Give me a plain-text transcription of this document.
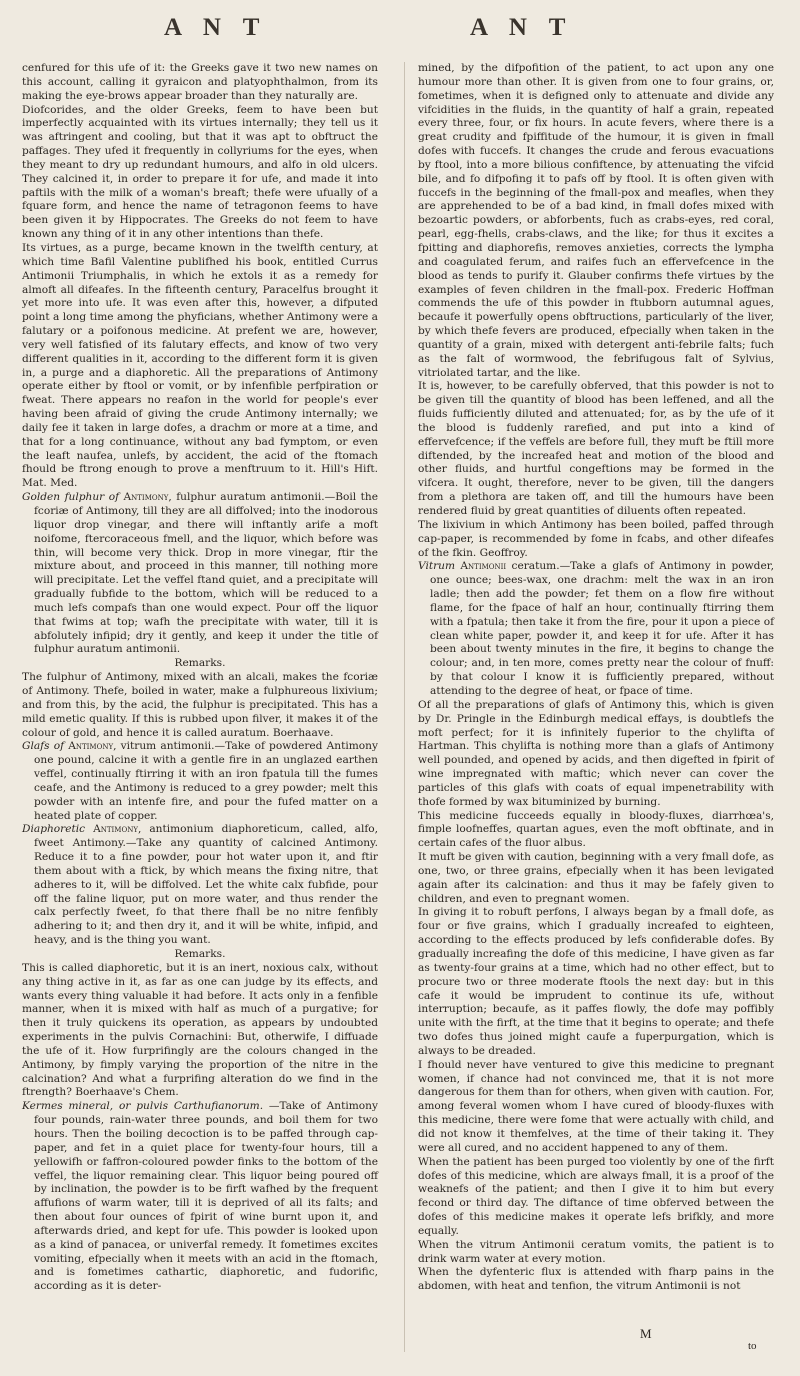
A N T	A N T

cenfured for this ufe of it: the Greeks gave it two new names on this account, calling it gyraicon and platyophthalmon, from its making the eye-brows appear broader than they naturally are.

Diofcorides, and the older Greeks, feem to have been but imperfectly acquainted with its virtues internally; they tell us it was aftringent and cooling, but that it was apt to obftruct the paffages. They ufed it frequently in collyriums for the eyes, when they meant to dry up redundant humours, and alfo in old ulcers. They calcined it, in order to prepare it for ufe, and made it into paftils with the milk of a woman's breaft; thefe were ufually of a fquare form, and hence the name of tetragonon feems to have been given it by Hippocrates. The Greeks do not feem to have known any thing of it in any other intentions than thefe.

Its virtues, as a purge, became known in the twelfth century, at which time Bafil Valentine publifhed his book, entitled Currus Antimonii Triumphalis, in which he extols it as a remedy for almoft all difeafes. In the fifteenth century, Paracelfus brought it yet more into ufe. It was even after this, however, a difputed point a long time among the phyficians, whether Antimony were a falutary or a poifonous medicine. At prefent we are, however, very well fatisfied of its falutary effects, and know of two very different qualities in it, according to the different form it is given in, a purge and a diaphoretic. All the preparations of Antimony operate either by ftool or vomit, or by infenfible perfpiration or fweat. There appears no reafon in the world for people's ever having been afraid of giving the crude Antimony internally; we daily fee it taken in large dofes, a drachm or more at a time, and that for a long continuance, without any bad fymptom, or even the leaft naufea, unlefs, by accident, the acid of the ftomach fhould be ftrong enough to prove a menftruum to it. Hill's Hift. Mat. Med.

Golden fulphur of Antimony, fulphur auratum antimonii.—Boil the fcoriæ of Antimony, till they are all diffolved; into the inodorous liquor drop vinegar, and there will inftantly arife a moft noifome, ftercoraceous fmell, and the liquor, which before was thin, will become very thick. Drop in more vinegar, ftir the mixture about, and proceed in this manner, till nothing more will precipitate. Let the veffel ftand quiet, and a precipitate will gradually fubfide to the bottom, which will be reduced to a much lefs compafs than one would expect. Pour off the liquor that fwims at top; wafh the precipitate with water, till it is abfolutely infipid; dry it gently, and keep it under the title of fulphur auratum antimonii.

Remarks.

The fulphur of Antimony, mixed with an alcali, makes the fcoriæ of Antimony. Thefe, boiled in water, make a fulphureous lixivium; and from this, by the acid, the fulphur is precipitated. This has a mild emetic quality. If this is rubbed upon filver, it makes it of the colour of gold, and hence it is called auratum. Boerhaave.

Glafs of Antimony, vitrum antimonii.—Take of powdered Antimony one pound, calcine it with a gentle fire in an unglazed earthen veffel, continually ftirring it with an iron fpatula till the fumes ceafe, and the Antimony is reduced to a grey powder; melt this powder with an intenfe fire, and pour the fufed matter on a heated plate of copper.

Diaphoretic Antimony, antimonium diaphoreticum, called, alfo, fweet Antimony.—Take any quantity of calcined Antimony. Reduce it to a fine powder, pour hot water upon it, and ftir them about with a ftick, by which means the fixing nitre, that adheres to it, will be diffolved. Let the white calx fubfide, pour off the faline liquor, put on more water, and thus render the calx perfectly fweet, fo that there fhall be no nitre fenfibly adhering to it; and then dry it, and it will be white, infipid, and heavy, and is the thing you want.

Remarks.

This is called diaphoretic, but it is an inert, noxious calx, without any thing active in it, as far as one can judge by its effects, and wants every thing valuable it had before. It acts only in a fenfible manner, when it is mixed with half as much of a purgative; for then it truly quickens its operation, as appears by undoubted experiments in the pulvis Cornachini: But, otherwife, I diffuade the ufe of it. How furprifingly are the colours changed in the Antimony, by fimply varying the proportion of the nitre in the calcination? And what a furprifing alteration do we find in the ftrength? Boerhaave's Chem.

Kermes mineral, or pulvis Carthufianorum. —Take of Antimony four pounds, rain-water three pounds, and boil them for two hours. Then the boiling decoction is to be paffed through cap-paper, and fet in a quiet place for twenty-four hours, till a yellowifh or faffron-coloured powder finks to the bottom of the veffel, the liquor remaining clear. This liquor being poured off by inclination, the powder is to be firft wafhed by the frequent affufions of warm water, till it is deprived of all its falts; and then about four ounces of fpirit of wine burnt upon it, and afterwards dried, and kept for ufe. This powder is looked upon as a kind of panacea, or univerfal remedy. It fometimes excites vomiting, efpecially when it meets with an acid in the ftomach, and is fometimes cathartic, diaphoretic, and fudorific, according as it is deter-

mined, by the difpofition of the patient, to act upon any one humour more than other. It is given from one to four grains, or, fometimes, when it is defigned only to attenuate and divide any vifcidities in the fluids, in the quantity of half a grain, repeated every three, four, or fix hours. In acute fevers, where there is a great crudity and fpiffitude of the humour, it is given in fmall dofes with fuccefs. It changes the crude and ferous evacuations by ftool, into a more bilious confiftence, by attenuating the vifcid bile, and fo difpofing it to pafs off by ftool. It is often given with fuccefs in the beginning of the fmall-pox and meafles, when they are apprehended to be of a bad kind, in fmall dofes mixed with bezoartic powders, or abforbents, fuch as crabs-eyes, red coral, pearl, egg-fhells, crabs-claws, and the like; for thus it excites a fpitting and diaphorefis, removes anxieties, corrects the lympha and coagulated ferum, and raifes fuch an effervefcence in the blood as tends to purify it. Glauber confirms thefe virtues by the examples of feven children in the fmall-pox. Frederic Hoffman commends the ufe of this powder in ftubborn autumnal agues, becaufe it powerfully opens obftructions, particularly of the liver, by which thefe fevers are produced, efpecially when taken in the quantity of a grain, mixed with detergent anti-febrile falts; fuch as the falt of wormwood, the febrifugous falt of Sylvius, vitriolated tartar, and the like.

It is, however, to be carefully obferved, that this powder is not to be given till the quantity of blood has been leffened, and all the fluids fufficiently diluted and attenuated; for, as by the ufe of it the blood is fuddenly rarefied, and put into a kind of effervefcence; if the veffels are before full, they muft be ftill more diftended, by the increafed heat and motion of the blood and other fluids, and hurtful congeftions may be formed in the vifcera. It ought, therefore, never to be given, till the dangers from a plethora are taken off, and till the humours have been rendered fluid by great quantities of diluents often repeated.

The lixivium in which Antimony has been boiled, paffed through cap-paper, is recommended by fome in fcabs, and other difeafes of the fkin. Geoffroy.

Vitrum Antimonii ceratum.—Take a glafs of Antimony in powder, one ounce; bees-wax, one drachm: melt the wax in an iron ladle; then add the powder; fet them on a flow fire without flame, for the fpace of half an hour, continually ftirring them with a fpatula; then take it from the fire, pour it upon a piece of clean white paper, powder it, and keep it for ufe. After it has been about twenty minutes in the fire, it begins to change the colour; and, in ten more, comes pretty near the colour of fnuff: by that colour I know it is fufficiently prepared, without attending to the degree of heat, or fpace of time.

Of all the preparations of glafs of Antimony this, which is given by Dr. Pringle in the Edinburgh medical effays, is doubtlefs the moft perfect; for it is infinitely fuperior to the chylifta of Hartman. This chylifta is nothing more than a glafs of Antimony well pounded, and opened by acids, and then digefted in fpirit of wine impregnated with maftic; which never can cover the particles of this glafs with coats of equal impenetrability with thofe formed by wax bituminized by burning.

This medicine fucceeds equally in bloody-fluxes, diarrhœa's, fimple loofneffes, quartan agues, even the moft obftinate, and in certain cafes of the fluor albus.

It muft be given with caution, beginning with a very fmall dofe, as one, two, or three grains, efpecially when it has been levigated again after its calcination: and thus it may be fafely given to children, and even to pregnant women.

In giving it to robuft perfons, I always began by a fmall dofe, as four or five grains, which I gradually increafed to eighteen, according to the effects produced by lefs confiderable dofes. By gradually increafing the dofe of this medicine, I have given as far as twenty-four grains at a time, which had no other effect, but to procure two or three moderate ftools the next day: but in this cafe it would be imprudent to continue its ufe, without interruption; becaufe, as it paffes flowly, the dofe may poffibly unite with the firft, at the time that it begins to operate; and thefe two dofes thus joined might caufe a fuperpurgation, which is always to be dreaded.

I fhould never have ventured to give this medicine to pregnant women, if chance had not convinced me, that it is not more dangerous for them than for others, when given with caution. For, among feveral women whom I have cured of bloody-fluxes with this medicine, there were fome that were actually with child, and did not know it themfelves, at the time of their taking it. They were all cured, and no accident happened to any of them.

When the patient has been purged too violently by one of the firft dofes of this medicine, which are always fmall, it is a proof of the weaknefs of the patient; and then I give it to him but every fecond or third day. The diftance of time obferved between the dofes of this medicine makes it operate lefs brifkly, and more equally.

When the vitrum Antimonii ceratum vomits, the patient is to drink warm water at every motion.

When the dyfenteric flux is attended with fharp pains in the abdomen, with heat and tenfion, the vitrum Antimonii is not

M
to
